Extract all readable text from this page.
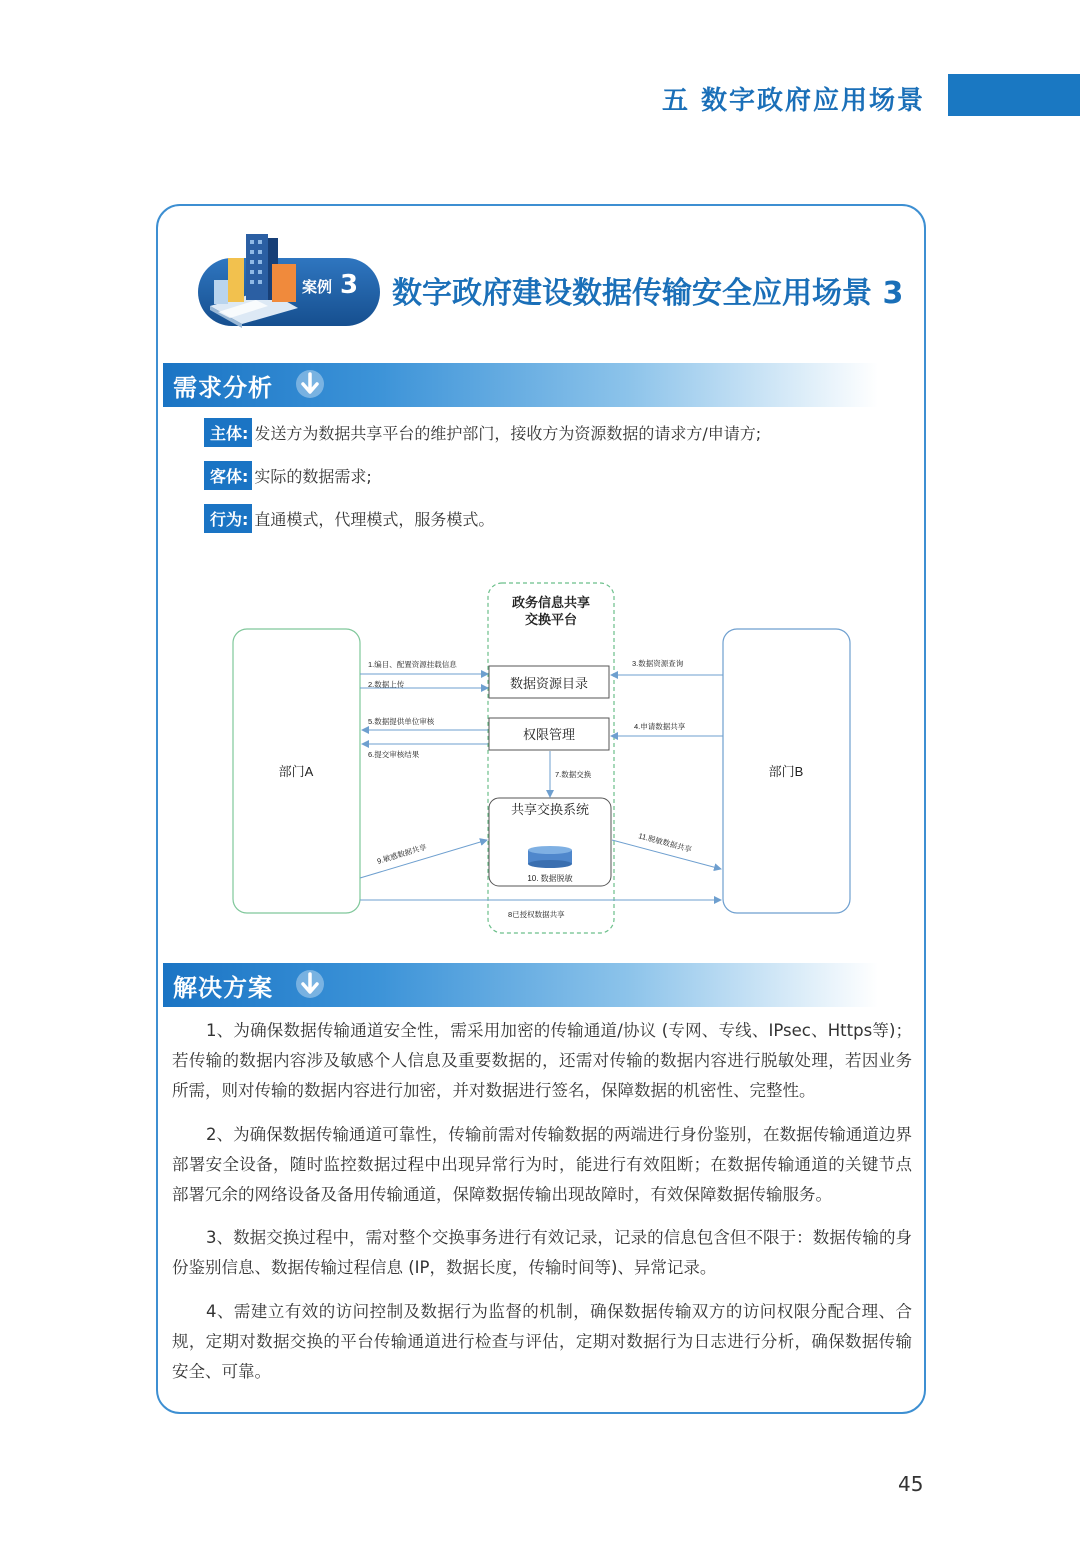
五 数字政府应用场景
案例 3 数字政府建设数据传输安全应用场景 3
需求分析
主体: 发送方为数据共享平台的维护部门，接收方为资源数据的请求方/申请方;
客体: 实际的数据需求;
行为: 直通模式，代理模式，服务模式。
政务信息共享
交换平台
部门A	部门B
数据资源目录
权限管理
共享交换系统
10. 数据脱敏
1.编目、配置资源挂载信息
2.数据上传
3.数据资源查询
4.申请数据共享
5.数据提供单位审核
6.提交审核结果
7.数据交换
8已授权数据共享
9.敏感数据共享	11.脱敏数据共享
解决方案

1、为确保数据传输通道安全性，需采用加密的传输通道/协议 (专网、专线、IPsec、Https等)；若传输的数据内容涉及敏感个人信息及重要数据的，还需对传输的数据内容进行脱敏处理，若因业务所需，则对传输的数据内容进行加密，并对数据进行签名，保障数据的机密性、完整性。

2、为确保数据传输通道可靠性，传输前需对传输数据的两端进行身份鉴别，在数据传输通道边界部署安全设备，随时监控数据过程中出现异常行为时，能进行有效阻断；在数据传输通道的关键节点部署冗余的网络设备及备用传输通道，保障数据传输出现故障时，有效保障数据传输服务。

3、数据交换过程中，需对整个交换事务进行有效记录，记录的信息包含但不限于：数据传输的身份鉴别信息、数据传输过程信息 (IP，数据长度，传输时间等)、异常记录。

4、需建立有效的访问控制及数据行为监督的机制，确保数据传输双方的访问权限分配合理、合规，定期对数据交换的平台传输通道进行检查与评估，定期对数据行为日志进行分析，确保数据传输安全、可靠。

45
